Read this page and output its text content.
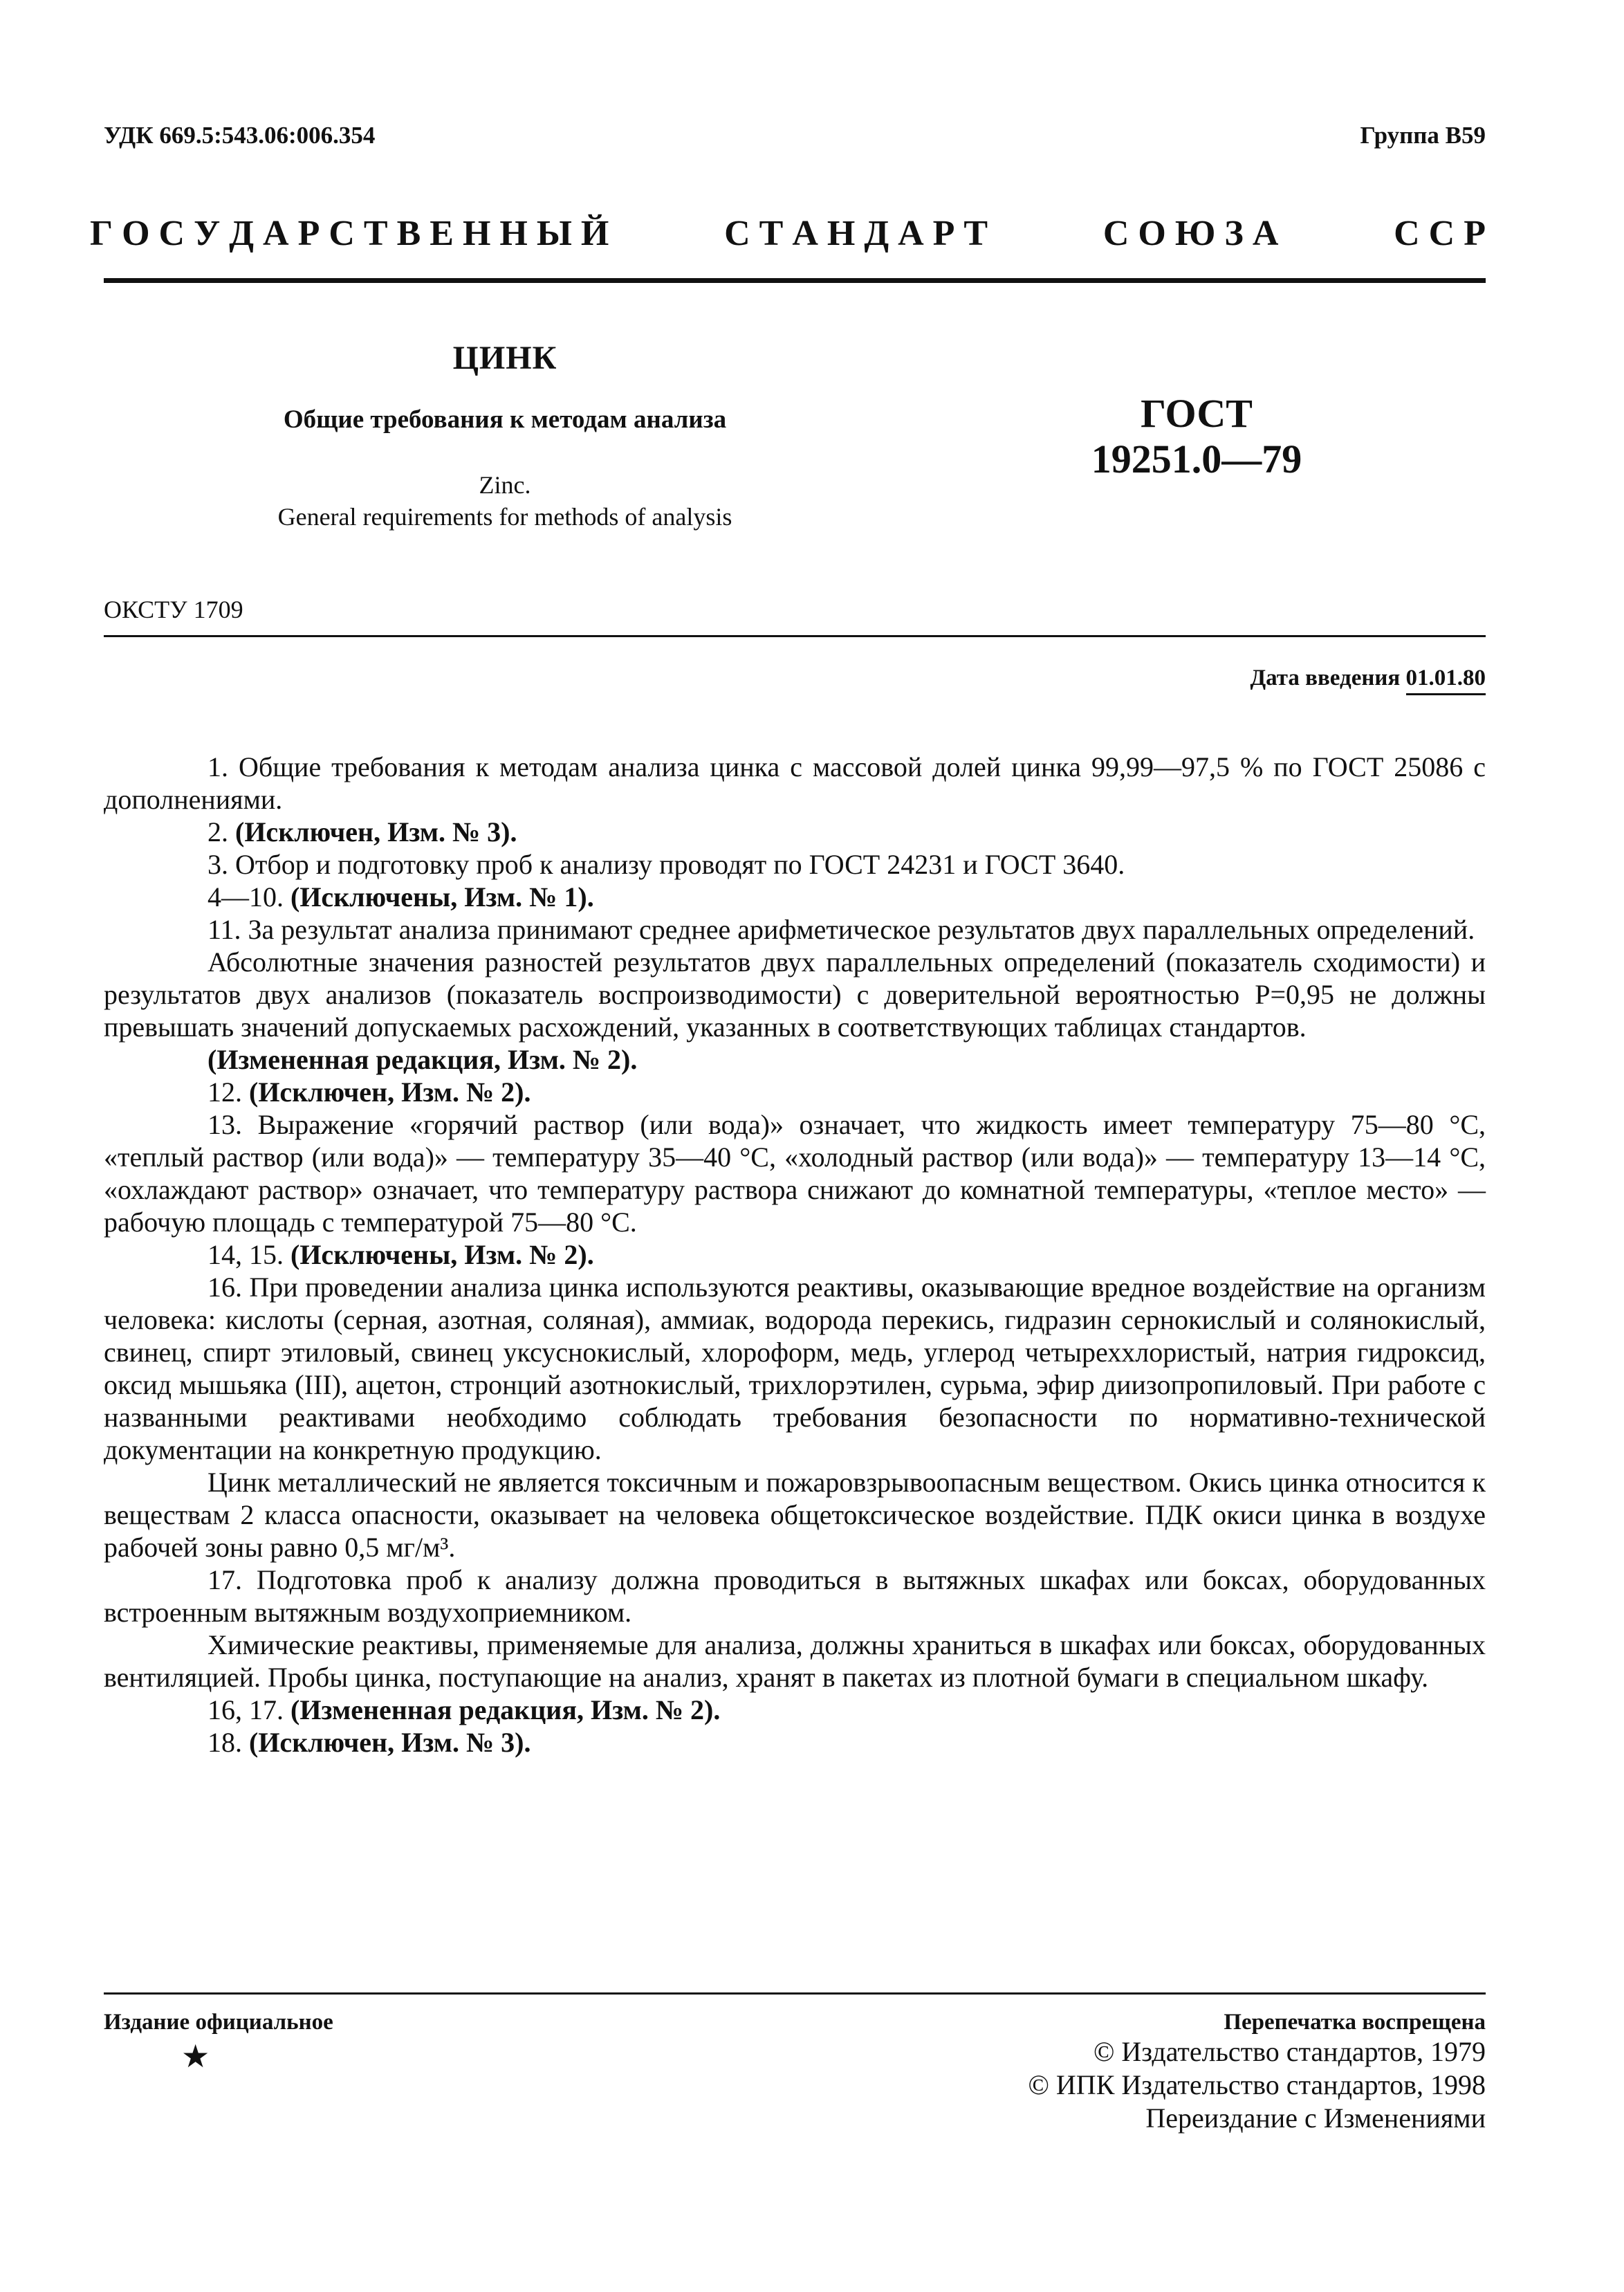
УДК 669.5:543.06:006.354	Группа В59
Г О С У Д А Р С Т В Е Н Н Ы Й	С Т А Н Д А Р Т	С О Ю З А	С С Р
ЦИНК
Общие требования к методам анализа
Zinc.
General requirements for methods of analysis
ГОСТ
19251.0—79
ОКСТУ 1709
Дата введения 01.01.80

1. Общие требования к методам анализа цинка с массовой долей цинка 99,99—97,5 % по ГОСТ 25086 с дополнениями.

2. (Исключен, Изм. № 3).

3. Отбор и подготовку проб к анализу проводят по ГОСТ 24231 и ГОСТ 3640.

4—10. (Исключены, Изм. № 1).

11. За результат анализа принимают среднее арифметическое результатов двух параллельных определений.

Абсолютные значения разностей результатов двух параллельных определений (показатель сходимости) и результатов двух анализов (показатель воспроизводимости) с доверительной вероятностью P=0,95 не должны превышать значений допускаемых расхождений, указанных в соответствующих таблицах стандартов.

(Измененная редакция, Изм. № 2).

12. (Исключен, Изм. № 2).

13. Выражение «горячий раствор (или вода)» означает, что жидкость имеет температуру 75—80 °C, «теплый раствор (или вода)» — температуру 35—40 °C, «холодный раствор (или вода)» — температуру 13—14 °C, «охлаждают раствор» означает, что температуру раствора снижают до комнатной температуры, «теплое место» — рабочую площадь с температурой 75—80 °C.

14, 15. (Исключены, Изм. № 2).

16. При проведении анализа цинка используются реактивы, оказывающие вредное воздействие на организм человека: кислоты (серная, азотная, соляная), аммиак, водорода перекись, гидразин сернокислый и солянокислый, свинец, спирт этиловый, свинец уксуснокислый, хлороформ, медь, углерод четыреххлористый, натрия гидроксид, оксид мышьяка (III), ацетон, стронций азотнокислый, трихлорэтилен, сурьма, эфир диизопропиловый. При работе с названными реактивами необходимо соблюдать требования безопасности по нормативно-технической документации на конкретную продукцию.

Цинк металлический не является токсичным и пожаровзрывоопасным веществом. Окись цинка относится к веществам 2 класса опасности, оказывает на человека общетоксическое воздействие. ПДК окиси цинка в воздухе рабочей зоны равно 0,5 мг/м³.

17. Подготовка проб к анализу должна проводиться в вытяжных шкафах или боксах, оборудованных встроенным вытяжным воздухоприемником.

Химические реактивы, применяемые для анализа, должны храниться в шкафах или боксах, оборудованных вентиляцией. Пробы цинка, поступающие на анализ, хранят в пакетах из плотной бумаги в специальном шкафу.

16, 17. (Измененная редакция, Изм. № 2).

18. (Исключен, Изм. № 3).

Издание официальное
★
Перепечатка воспрещена
© Издательство стандартов, 1979
© ИПК Издательство стандартов, 1998
Переиздание с Изменениями
